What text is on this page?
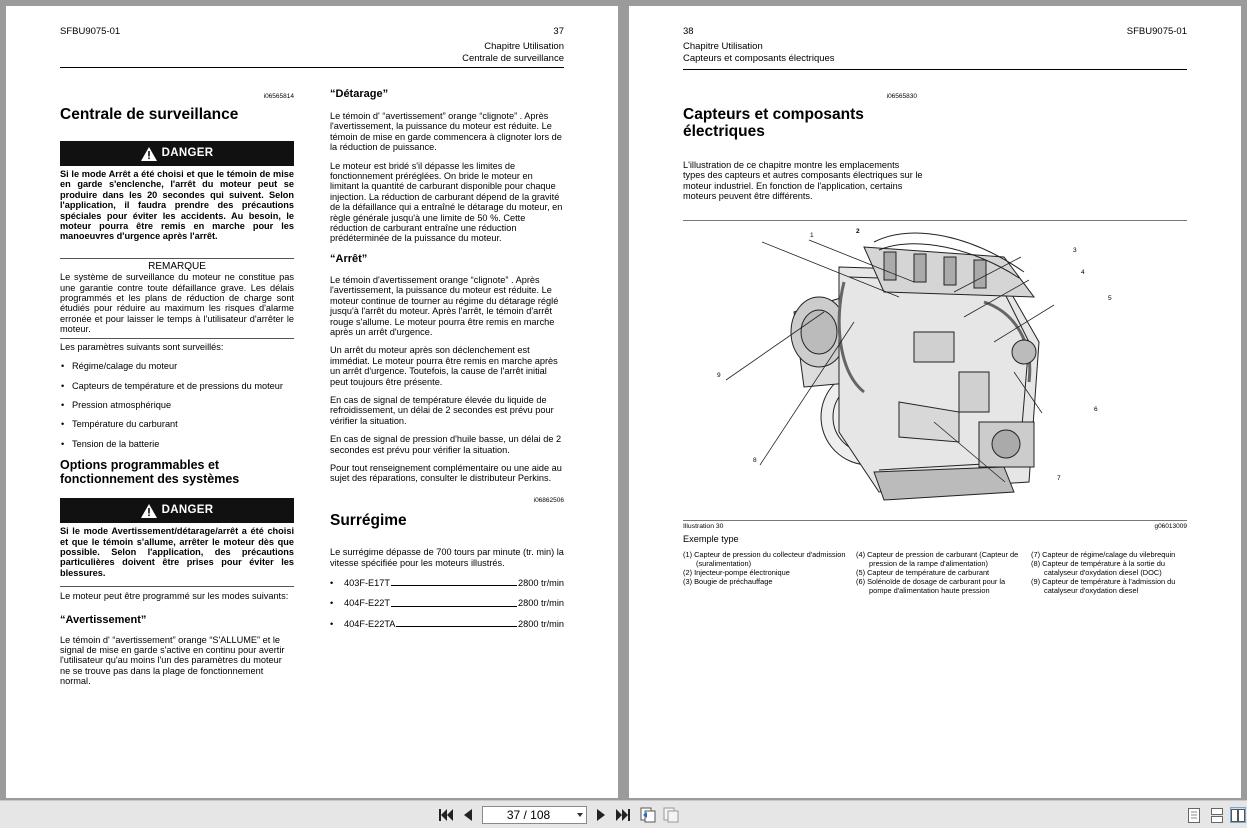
SFBU9075-01	37
Chapitre Utilisation
Centrale de surveillance
i06565814
Centrale de surveillance
DANGER
Si le mode Arrêt a été choisi et que le témoin de mise en garde s'enclenche, l'arrêt du moteur peut se produire dans les 20 secondes qui suivent. Selon l'application, il faudra prendre des précautions spéciales pour éviter les accidents. Au besoin, le moteur pourra être remis en marche pour les manoeuvres d'urgence après l'arrêt.
REMARQUE
Le système de surveillance du moteur ne constitue pas une garantie contre toute défaillance grave. Les délais programmés et les plans de réduction de charge sont étudiés pour réduire au maximum les risques d'alarme erronée et pour laisser le temps à l'utilisateur d'arrêter le moteur.
Les paramètres suivants sont surveillés:
• Régime/calage du moteur
• Capteurs de température et de pressions du moteur
• Pression atmosphérique
• Température du carburant
• Tension de la batterie
Options programmables et fonctionnement des systèmes
DANGER
Si le mode Avertissement/détarage/arrêt a été choisi et que le témoin s'allume, arrêter le moteur dès que possible. Selon l'application, des précautions particulières doivent être prises pour éviter les blessures.
Le moteur peut être programmé sur les modes suivants:
“Avertissement”
Le témoin d' “avertissement” orange “S'ALLUME” et le signal de mise en garde s'active en continu pour avertir l'utilisateur qu'au moins l'un des paramètres du moteur ne se trouve pas dans la plage de fonctionnement normal.
“Détarage”
Le témoin d' “avertissement” orange “clignote” . Après l'avertissement, la puissance du moteur est réduite. Le témoin de mise en garde commencera à clignoter lors de la réduction de puissance.
Le moteur est bridé s'il dépasse les limites de fonctionnement préréglées. On bride le moteur en limitant la quantité de carburant disponible pour chaque injection. La réduction de carburant dépend de la gravité de la défaillance qui a entraîné le détarage du moteur, en règle générale jusqu'à une limite de 50 %. Cette réduction de carburant entraîne une réduction prédéterminée de la puissance du moteur.
“Arrêt”
Le témoin d'avertissement orange “clignote” . Après l'avertissement, la puissance du moteur est réduite. Le moteur continue de tourner au régime du détarage réglé jusqu'à l'arrêt du moteur. Après l'arrêt, le témoin d'arrêt rouge s'allume. Le moteur pourra être remis en marche après un arrêt d'urgence.
Un arrêt du moteur après son déclenchement est immédiat. Le moteur pourra être remis en marche après un arrêt d'urgence. Toutefois, la cause de l'arrêt initial peut toujours être présente.
En cas de signal de température élevée du liquide de refroidissement, un délai de 2 secondes est prévu pour vérifier la situation.
En cas de signal de pression d'huile basse, un délai de 2 secondes est prévu pour vérifier la situation.
Pour tout renseignement complémentaire ou une aide au sujet des réparations, consulter le distributeur Perkins.
i06862506
Surrégime
Le surrégime dépasse de 700 tours par minute (tr. min) la vitesse spécifiée pour les moteurs illustrés.
•	403F-E17T	2800 tr/min
•	404F-E22T	2800 tr/min
•	404F-E22TA	2800 tr/min
38	SFBU9075-01
Chapitre Utilisation
Capteurs et composants électriques
i06565830
Capteurs et composants électriques
L'illustration de ce chapitre montre les emplacements types des capteurs et autres composants électriques sur le moteur industriel. En fonction de l'application, certains moteurs peuvent être différents.
1
2
3
4
5
6
7
8
9
Illustration 30	g06013009
Exemple type
(1) Capteur de pression du collecteur d'admission (suralimentation)
(2) Injecteur-pompe électronique
(3) Bougie de préchauffage
(4) Capteur de pression de carburant (Capteur de pression de la rampe d'alimentation)
(5) Capteur de température de carburant
(6) Solénoïde de dosage de carburant pour la pompe d'alimentation haute pression
(7) Capteur de régime/calage du vilebrequin
(8) Capteur de température à la sortie du catalyseur d'oxydation diesel (DOC)
(9) Capteur de température à l'admission du catalyseur d'oxydation diesel
37 / 108
